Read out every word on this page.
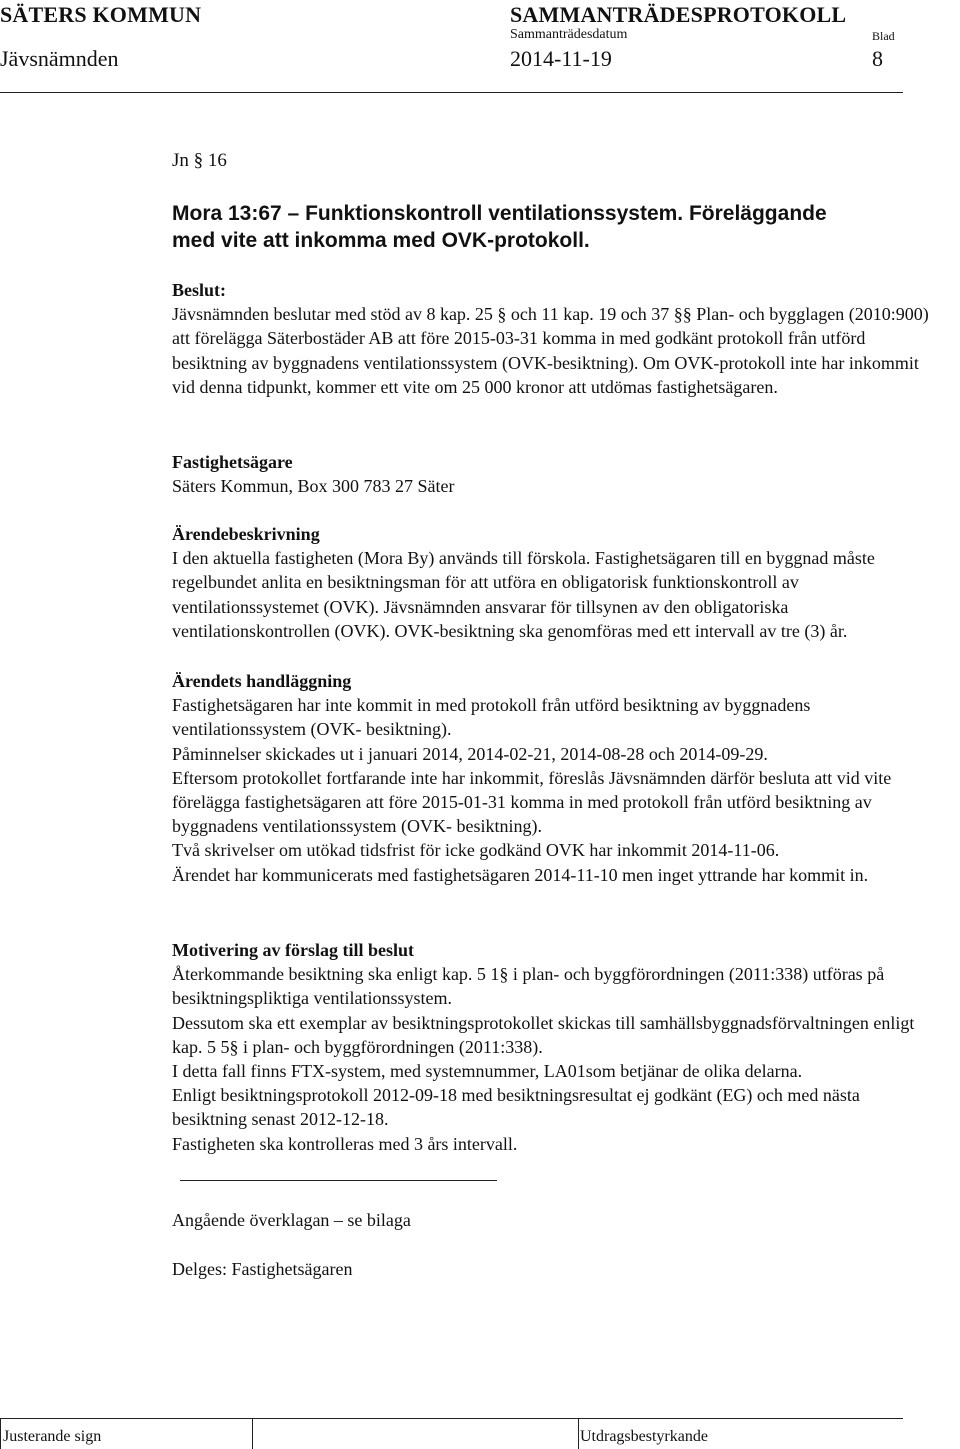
SÄTERS KOMMUN	SAMMANTRÄDESPROTOKOLL
Sammanträdesdatum	Blad
Jävsnämnden	2014-11-19	8
Jn § 16
Mora 13:67 – Funktionskontroll ventilationssystem. Föreläggande
med vite att inkomma med OVK-protokoll.

Beslut:

Jävsnämnden beslutar med stöd av 8 kap. 25 § och 11 kap. 19 och 37 §§ Plan- och bygglagen (2010:900) att förelägga Säterbostäder AB att före 2015-03-31 komma in med godkänt protokoll från utförd besiktning av byggnadens ventilationssystem (OVK-besiktning). Om OVK-protokoll inte har inkommit vid denna tidpunkt, kommer ett vite om 25 000 kronor att utdömas fastighetsägaren.

Fastighetsägare

Säters Kommun, Box 300 783 27 Säter

Ärendebeskrivning

I den aktuella fastigheten (Mora By) används till förskola. Fastighetsägaren till en byggnad måste regelbundet anlita en besiktningsman för att utföra en obligatorisk funktionskontroll av ventilationssystemet (OVK). Jävsnämnden ansvarar för tillsynen av den obligatoriska ventilationskontrollen (OVK). OVK-besiktning ska genomföras med ett intervall av tre (3) år.

Ärendets handläggning

Fastighetsägaren har inte kommit in med protokoll från utförd besiktning av byggnadens ventilationssystem (OVK- besiktning).

Påminnelser skickades ut i januari 2014, 2014-02-21, 2014-08-28 och 2014-09-29.

Eftersom protokollet fortfarande inte har inkommit, föreslås Jävsnämnden därför besluta att vid vite förelägga fastighetsägaren att före 2015-01-31 komma in med protokoll från utförd besiktning av byggnadens ventilationssystem (OVK- besiktning).

Två skrivelser om utökad tidsfrist för icke godkänd OVK har inkommit 2014-11-06.

Ärendet har kommunicerats med fastighetsägaren 2014-11-10 men inget yttrande har kommit in.

Motivering av förslag till beslut

Återkommande besiktning ska enligt kap. 5 1§ i plan- och byggförordningen (2011:338) utföras på besiktningspliktiga ventilationssystem.

Dessutom ska ett exemplar av besiktningsprotokollet skickas till samhällsbyggnadsförvaltningen enligt kap. 5 5§ i plan- och byggförordningen (2011:338).

I detta fall finns FTX-system, med systemnummer, LA01som betjänar de olika delarna.

Enligt besiktningsprotokoll 2012-09-18 med besiktningsresultat ej godkänt (EG) och med nästa besiktning senast 2012-12-18.

Fastigheten ska kontrolleras med 3 års intervall.

Angående överklagan – se bilaga

Delges: Fastighetsägaren

Justerande sign	Utdragsbestyrkande
